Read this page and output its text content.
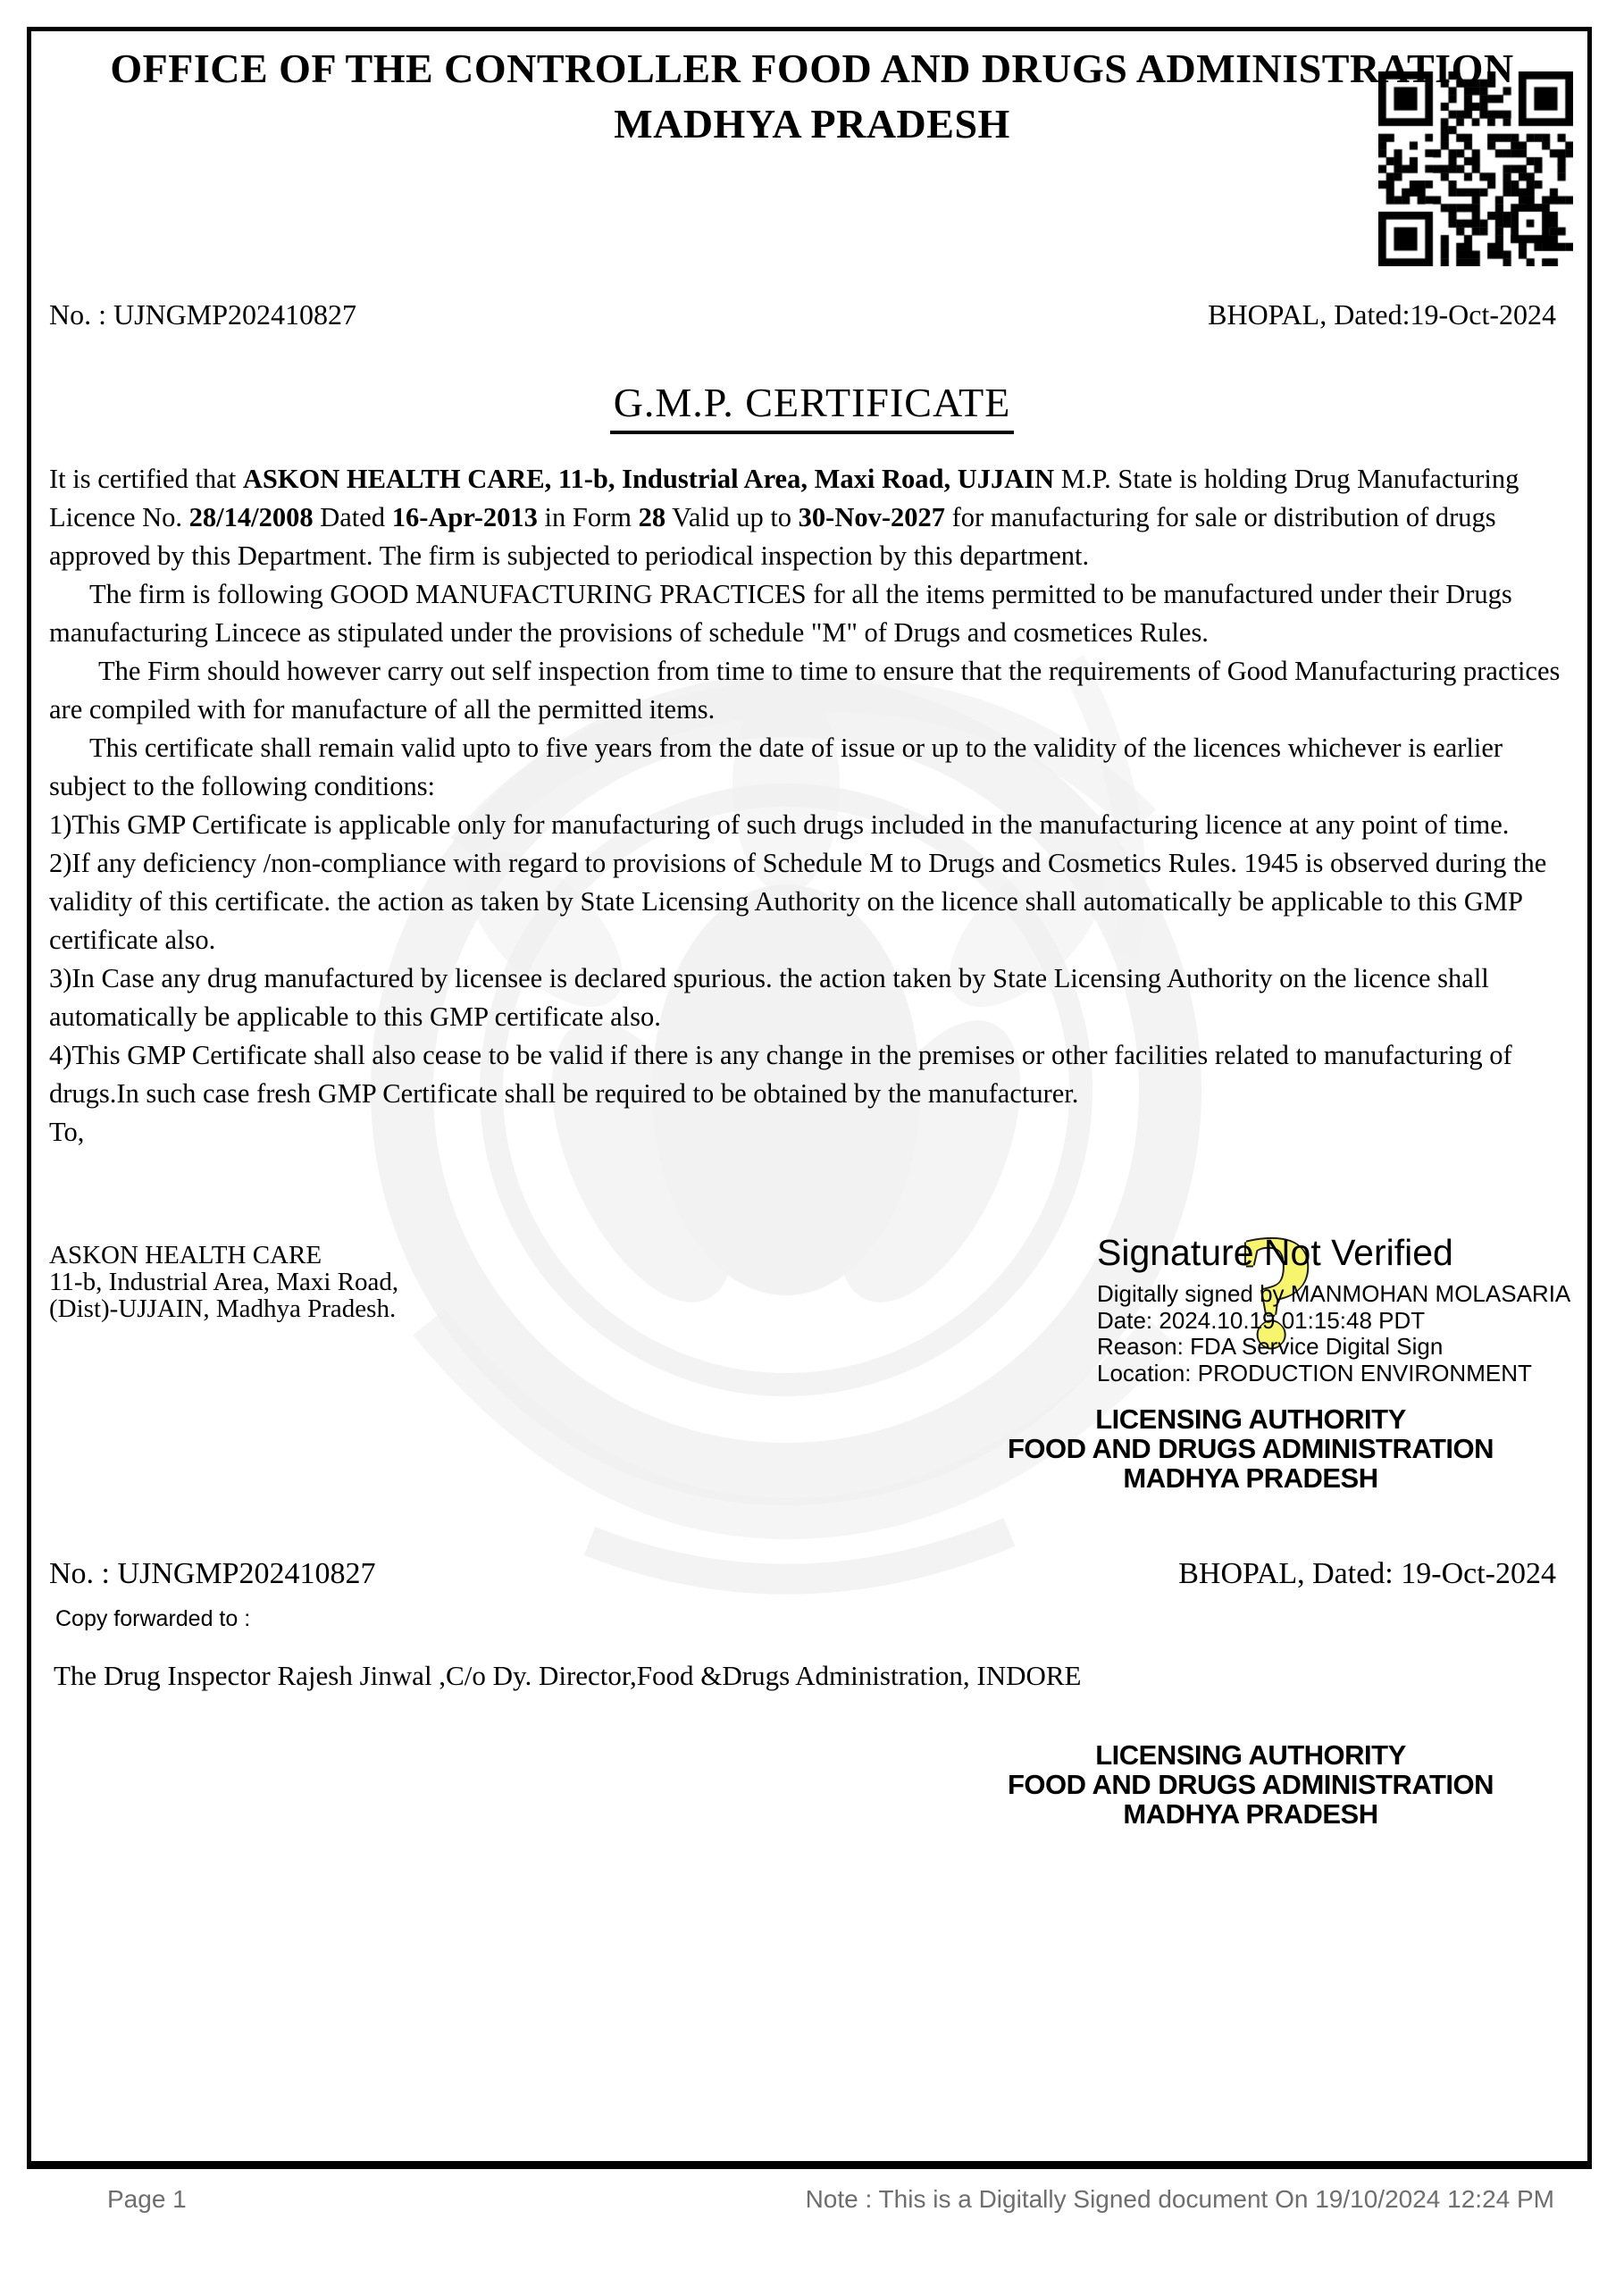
OFFICE OF THE CONTROLLER FOOD AND DRUGS ADMINISTRATION
MADHYA PRADESH
No. : UJNGMP202410827	BHOPAL, Dated:19-Oct-2024
G.M.P. CERTIFICATE

It is certified that ASKON HEALTH CARE, 11-b, Industrial Area, Maxi Road, UJJAIN M.P. State is holding Drug Manufacturing Licence No. 28/14/2008 Dated 16-Apr-2013 in Form 28 Valid up to 30-Nov-2027 for manufacturing for sale or distribution of drugs approved by this Department. The firm is subjected to periodical inspection by this department.

The firm is following GOOD MANUFACTURING PRACTICES for all the items permitted to be manufactured under their Drugs manufacturing Lincece as stipulated under the provisions of schedule "M" of Drugs and cosmetices Rules.

The Firm should however carry out self inspection from time to time to ensure that the requirements of Good Manufacturing practices are compiled with for manufacture of all the permitted items.

This certificate shall remain valid upto to five years from the date of issue or up to the validity of the licences whichever is earlier subject to the following conditions:

1)This GMP Certificate is applicable only for manufacturing of such drugs included in the manufacturing licence at any point of time.

2)If any deficiency /non-compliance with regard to provisions of Schedule M to Drugs and Cosmetics Rules. 1945 is observed during the validity of this certificate. the action as taken by State Licensing Authority on the licence shall automatically be applicable to this GMP certificate also.

3)In Case any drug manufactured by licensee is declared spurious. the action taken by State Licensing Authority on the licence shall automatically be applicable to this GMP certificate also.

4)This GMP Certificate shall also cease to be valid if there is any change in the premises or other facilities related to manufacturing of drugs.In such case fresh GMP Certificate shall be required to be obtained by the manufacturer.

To,

ASKON HEALTH CARE
11-b, Industrial Area, Maxi Road,
(Dist)-UJJAIN, Madhya Pradesh.	?
Signature Not Verified
Digitally signed by MANMOHAN MOLASARIA
Date: 2024.10.19 01:15:48 PDT
Reason: FDA Service Digital Sign
Location: PRODUCTION ENVIRONMENT
LICENSING AUTHORITY
FOOD AND DRUGS ADMINISTRATION
MADHYA PRADESH
No. : UJNGMP202410827	BHOPAL, Dated: 19-Oct-2024
Copy forwarded to :
The Drug Inspector Rajesh Jinwal ,C/o Dy. Director,Food &Drugs Administration, INDORE
LICENSING AUTHORITY
FOOD AND DRUGS ADMINISTRATION
MADHYA PRADESH
Page 1	Note : This is a Digitally Signed document On 19/10/2024 12:24 PM
